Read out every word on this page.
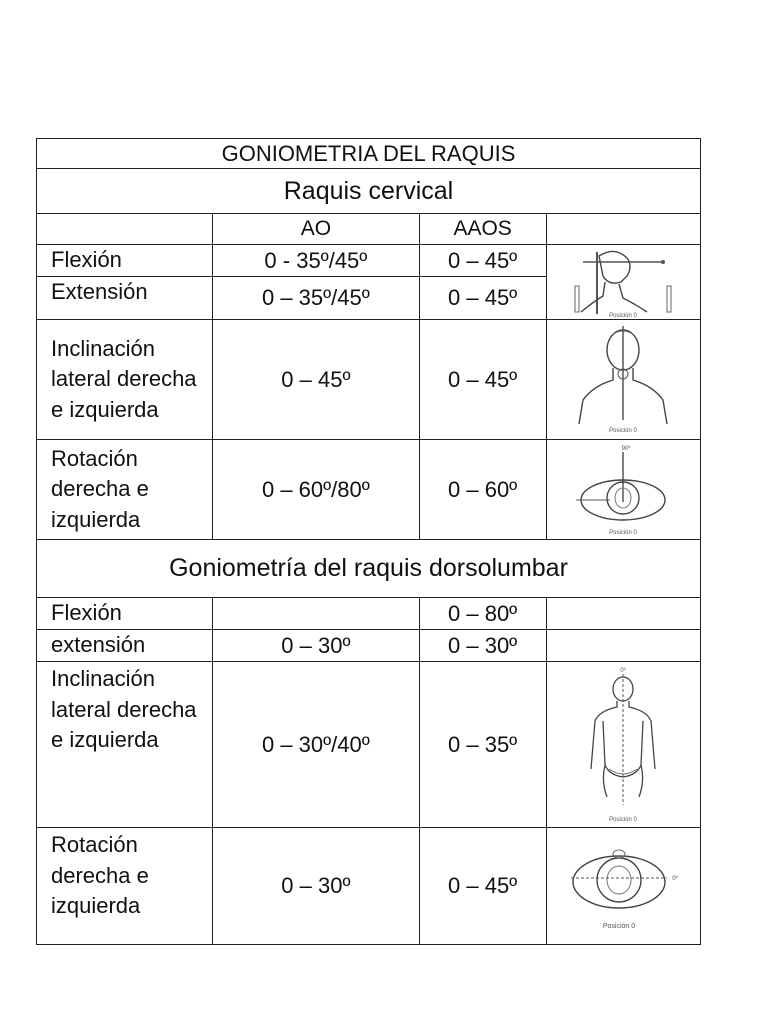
GONIOMETRIA DEL RAQUIS			
Raquis cervical			
	AO	AAOS	
Flexión	0 - 35º/45º	0 – 45º	Posición 0

Extensión	0 – 35º/45º	0 – 45º	
Inclinación lateral derecha e izquierda	0 – 45º	0 – 45º	Posición 0

Rotación derecha e izquierda	0 – 60º/80º	0 – 60º	90º
Posición 0

Goniometría del raquis dorsolumbar			
Flexión		0 – 80º	
extensión	0 – 30º	0 – 30º	
Inclinación lateral derecha e izquierda	0 – 30º/40º	0 – 35º	0º
Posición 0

Rotación derecha e izquierda	0 – 30º	0 – 45º	0º
Posición 0
